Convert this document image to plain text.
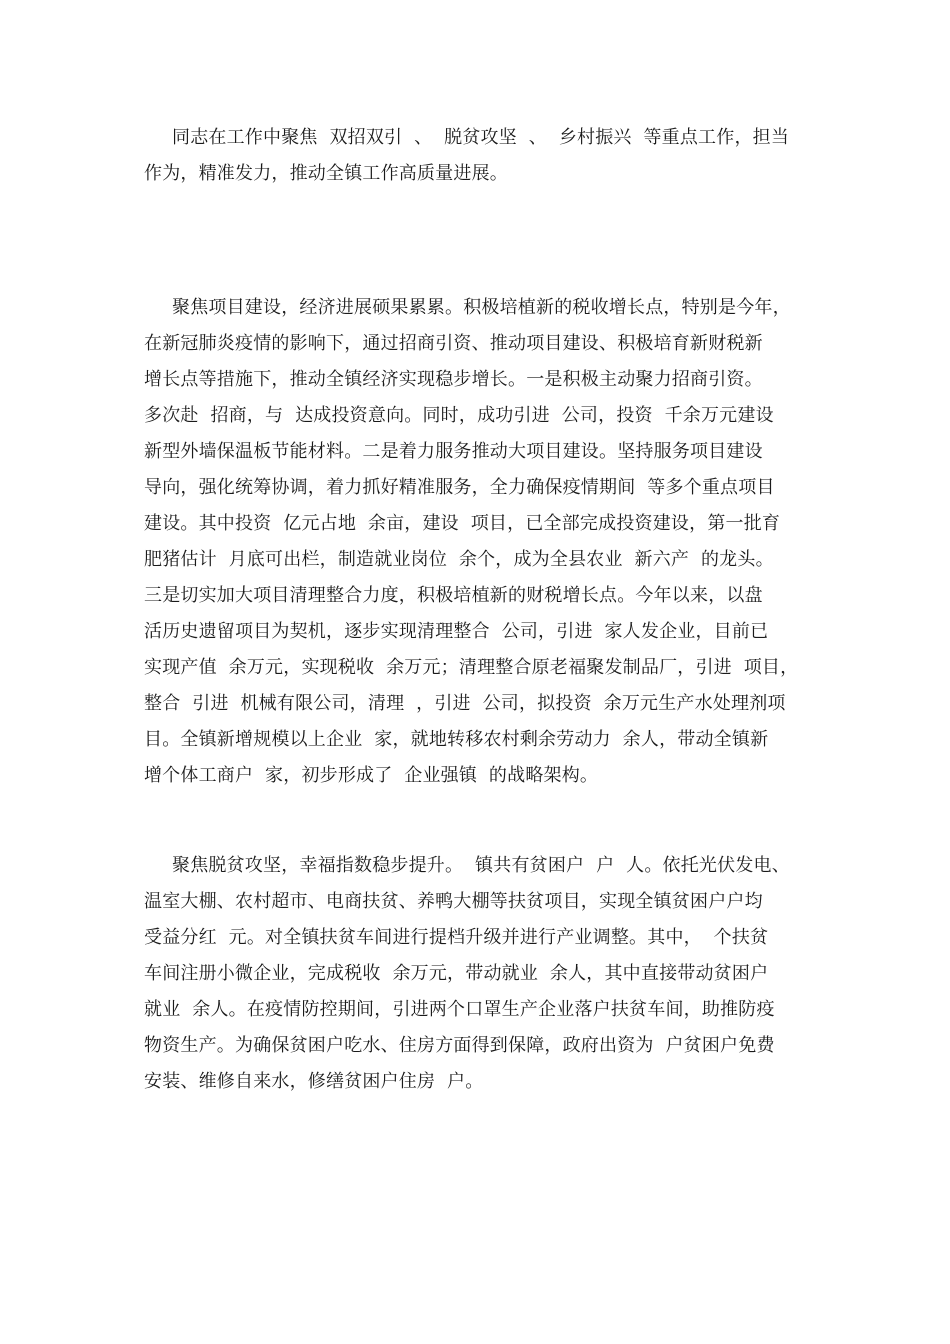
同志在工作中聚焦  双招双引  、  脱贫攻坚  、  乡村振兴  等重点工作，担当
作为，精准发力，推动全镇工作高质量进展。
聚焦项目建设，经济进展硕果累累。积极培植新的税收增长点，特别是今年，
在新冠肺炎疫情的影响下，通过招商引资、推动项目建设、积极培育新财税新
增长点等措施下，推动全镇经济实现稳步增长。一是积极主动聚力招商引资。
多次赴  招商，与  达成投资意向。同时，成功引进  公司，投资  千余万元建设
新型外墙保温板节能材料。二是着力服务推动大项目建设。坚持服务项目建设
导向，强化统筹协调，着力抓好精准服务，全力确保疫情期间  等多个重点项目
建设。其中投资  亿元占地  余亩，建设  项目，已全部完成投资建设，第一批育
肥猪估计  月底可出栏，制造就业岗位  余个，成为全县农业  新六产  的龙头。
三是切实加大项目清理整合力度，积极培植新的财税增长点。今年以来，以盘
活历史遗留项目为契机，逐步实现清理整合  公司，引进  家人发企业，目前已
实现产值  余万元，实现税收  余万元；清理整合原老福聚发制品厂，引进  项目，
整合  引进  机械有限公司，清理  ，引进  公司，拟投资  余万元生产水处理剂项
目。全镇新增规模以上企业  家，就地转移农村剩余劳动力  余人，带动全镇新
增个体工商户  家，初步形成了  企业强镇  的战略架构。
聚焦脱贫攻坚，幸福指数稳步提升。  镇共有贫困户  户  人。依托光伏发电、
温室大棚、农村超市、电商扶贫、养鸭大棚等扶贫项目，实现全镇贫困户户均
受益分红  元。对全镇扶贫车间进行提档升级并进行产业调整。其中，  个扶贫
车间注册小微企业，完成税收  余万元，带动就业  余人，其中直接带动贫困户
就业  余人。在疫情防控期间，引进两个口罩生产企业落户扶贫车间，助推防疫
物资生产。为确保贫困户吃水、住房方面得到保障，政府出资为  户贫困户免费
安装、维修自来水，修缮贫困户住房  户。
